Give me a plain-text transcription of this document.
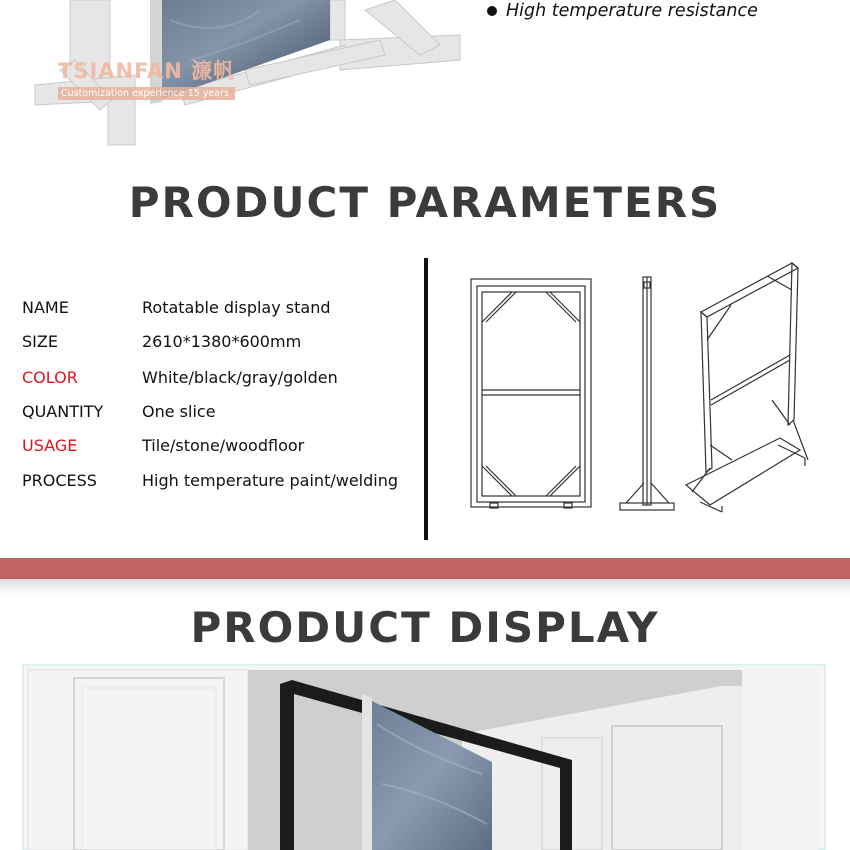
TSIANFAN 濂帆
Customization experience 15 years
High temperature resistance
PRODUCT PARAMETERS
NAME	Rotatable display stand
SIZE	2610*1380*600mm
COLOR	White/black/gray/golden
QUANTITY One slice
USAGE	Tile/stone/woodfloor
PROCESS	High temperature paint/welding
PRODUCT DISPLAY
